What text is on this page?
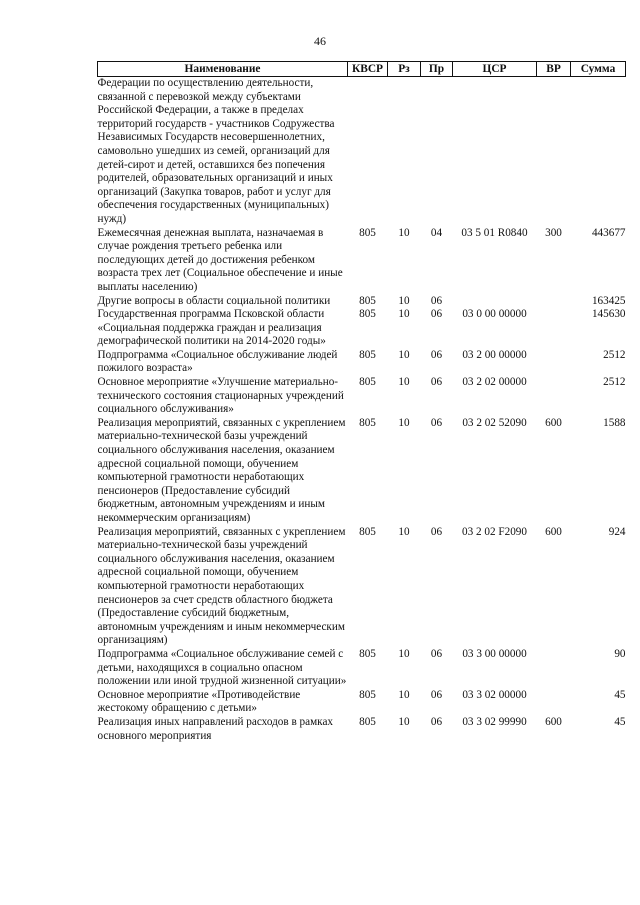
46
Наименование	КВСР	Рз	Пр	ЦСР	ВР	Сумма
Федерации по осуществлению деятельности, связанной с перевозкой между субъектами Российской Федерации, а также в пределах территорий государств - участников Содружества Независимых Государств несовершеннолетних, самовольно ушедших из семей, организаций для детей-сирот и детей, оставшихся без попечения родителей, образовательных организаций и иных организаций (Закупка товаров, работ и услуг для обеспечения государственных (муниципальных) нужд)						
Ежемесячная денежная выплата, назначаемая в случае рождения третьего ребенка или последующих детей до достижения ребенком возраста трех лет (Социальное обеспечение и иные выплаты населению)	805	10	04	03 5 01 R0840	300	443677
Другие вопросы в области социальной политики	805	10	06			163425
Государственная программа Псковской области «Социальная поддержка граждан и реализация демографической политики на 2014-2020 годы»	805	10	06	03 0 00 00000		145630
Подпрограмма «Социальное обслуживание людей пожилого возраста»	805	10	06	03 2 00 00000		2512
Основное мероприятие «Улучшение материально-технического состояния стационарных учреждений социального обслуживания»	805	10	06	03 2 02 00000		2512
Реализация мероприятий, связанных с укреплением материально-технической базы учреждений социального обслуживания населения, оказанием адресной социальной помощи, обучением компьютерной грамотности неработающих пенсионеров (Предоставление субсидий бюджетным, автономным учреждениям и иным некоммерческим организациям)	805	10	06	03 2 02 52090	600	1588
Реализация мероприятий, связанных с укреплением материально-технической базы учреждений социального обслуживания населения, оказанием адресной социальной помощи, обучением компьютерной грамотности неработающих пенсионеров за счет средств областного бюджета (Предоставление субсидий бюджетным, автономным учреждениям и иным некоммерческим организациям)	805	10	06	03 2 02 F2090	600	924
Подпрограмма «Социальное обслуживание семей с детьми, находящихся в социально опасном положении или иной трудной жизненной ситуации»	805	10	06	03 3 00 00000		90
Основное мероприятие «Противодействие жестокому обращению с детьми»	805	10	06	03 3 02 00000		45
Реализация иных направлений расходов в рамках основного мероприятия	805	10	06	03 3 02 99990	600	45
